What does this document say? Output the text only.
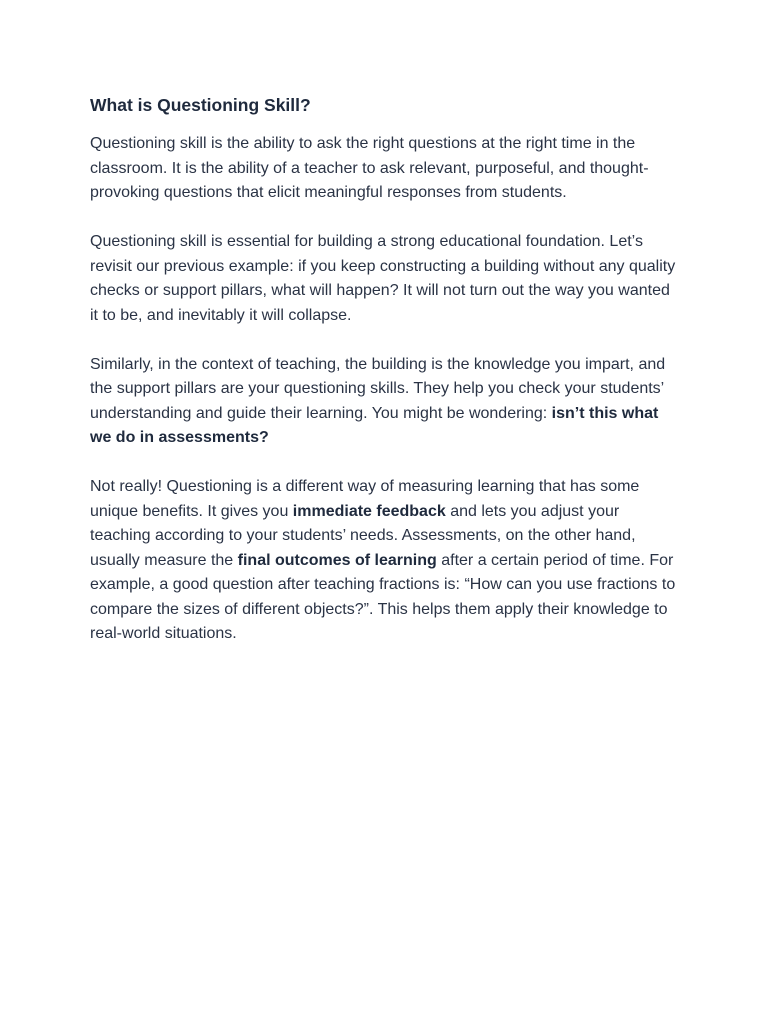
What is Questioning Skill?

Questioning skill is the ability to ask the right questions at the right time in the classroom. It is the ability of a teacher to ask relevant, purposeful, and thought-provoking questions that elicit meaningful responses from students.

Questioning skill is essential for building a strong educational foundation. Let’s revisit our previous example: if you keep constructing a building without any quality checks or support pillars, what will happen? It will not turn out the way you wanted it to be, and inevitably it will collapse.

Similarly, in the context of teaching, the building is the knowledge you impart, and the support pillars are your questioning skills. They help you check your students’ understanding and guide their learning. You might be wondering: isn’t this what we do in assessments?

Not really! Questioning is a different way of measuring learning that has some unique benefits. It gives you immediate feedback and lets you adjust your teaching according to your students’ needs. Assessments, on the other hand, usually measure the final outcomes of learning after a certain period of time. For example, a good question after teaching fractions is: “How can you use fractions to compare the sizes of different objects?”. This helps them apply their knowledge to real-world situations.
